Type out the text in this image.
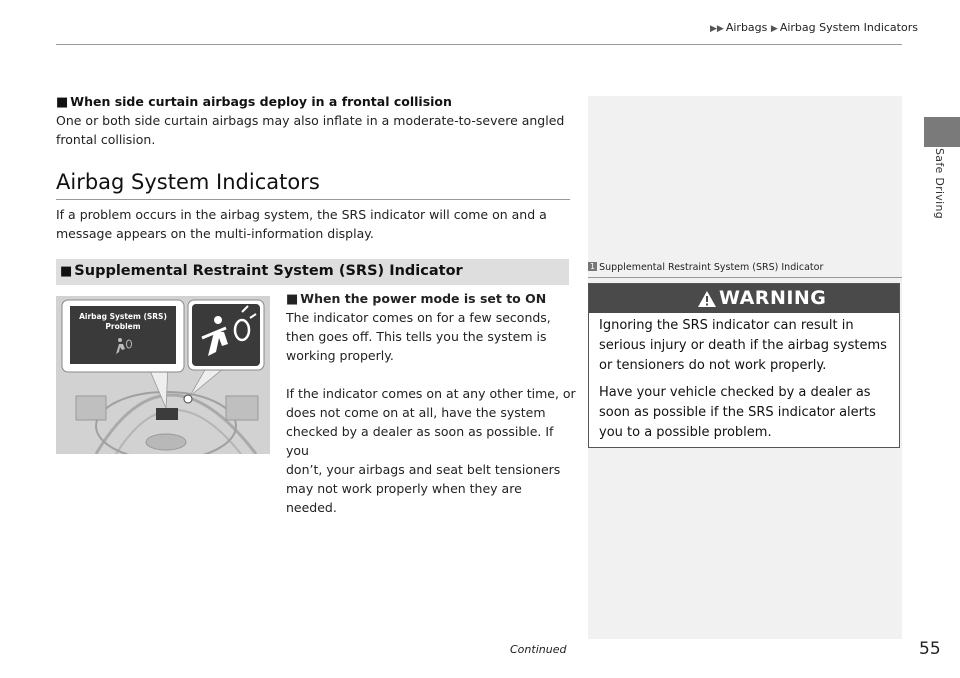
▶▶ Airbags ▶ Airbag System Indicators
Safe Driving
■ When side curtain airbags deploy in a frontal collision
One or both side curtain airbags may also inflate in a moderate-to-severe angled
frontal collision.
Airbag System Indicators
If a problem occurs in the airbag system, the SRS indicator will come on and a
message appears on the multi-information display.
■ Supplemental Restraint System (SRS) Indicator
Airbag System (SRS)
Problem
■ When the power mode is set to ON
The indicator comes on for a few seconds,
then goes off. This tells you the system is
working properly.
If the indicator comes on at any other time, or
does not come on at all, have the system
checked by a dealer as soon as possible. If you
don’t, your airbags and seat belt tensioners
may not work properly when they are needed.
1 Supplemental Restraint System (SRS) Indicator
WARNING
Ignoring the SRS indicator can result in
serious injury or death if the airbag systems
or tensioners do not work properly.
Have your vehicle checked by a dealer as
soon as possible if the SRS indicator alerts
you to a possible problem.
Continued	55
